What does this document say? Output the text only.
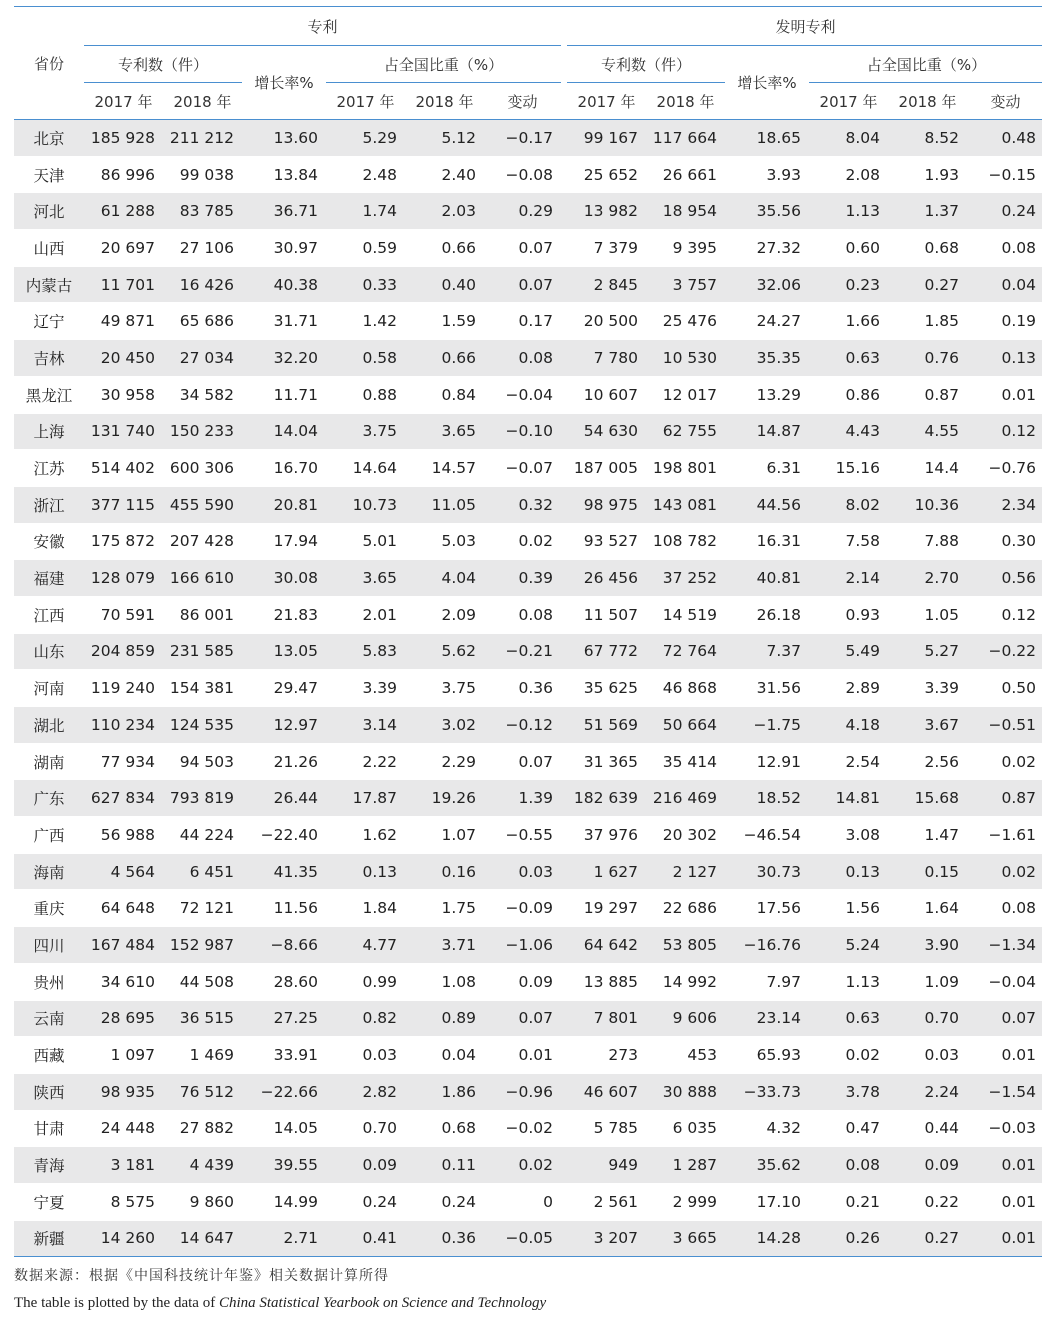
省份	专利							发明专利					
	专利数（件）		增长率%	占全国比重（%）				专利数（件）		增长率%	占全国比重（%）		
	2017 年	2018 年		2017 年	2018 年	变动		2017 年	2018 年		2017 年	2018 年	变动
北京	185 928	211 212	13.60	5.29	5.12	−0.17		99 167	117 664	18.65	8.04	8.52	0.48
天津	86 996	99 038	13.84	2.48	2.40	−0.08		25 652	26 661	3.93	2.08	1.93	−0.15
河北	61 288	83 785	36.71	1.74	2.03	0.29		13 982	18 954	35.56	1.13	1.37	0.24
山西	20 697	27 106	30.97	0.59	0.66	0.07		7 379	9 395	27.32	0.60	0.68	0.08
内蒙古	11 701	16 426	40.38	0.33	0.40	0.07		2 845	3 757	32.06	0.23	0.27	0.04
辽宁	49 871	65 686	31.71	1.42	1.59	0.17		20 500	25 476	24.27	1.66	1.85	0.19
吉林	20 450	27 034	32.20	0.58	0.66	0.08		7 780	10 530	35.35	0.63	0.76	0.13
黑龙江	30 958	34 582	11.71	0.88	0.84	−0.04		10 607	12 017	13.29	0.86	0.87	0.01
上海	131 740	150 233	14.04	3.75	3.65	−0.10		54 630	62 755	14.87	4.43	4.55	0.12
江苏	514 402	600 306	16.70	14.64	14.57	−0.07		187 005	198 801	6.31	15.16	14.4	−0.76
浙江	377 115	455 590	20.81	10.73	11.05	0.32		98 975	143 081	44.56	8.02	10.36	2.34
安徽	175 872	207 428	17.94	5.01	5.03	0.02		93 527	108 782	16.31	7.58	7.88	0.30
福建	128 079	166 610	30.08	3.65	4.04	0.39		26 456	37 252	40.81	2.14	2.70	0.56
江西	70 591	86 001	21.83	2.01	2.09	0.08		11 507	14 519	26.18	0.93	1.05	0.12
山东	204 859	231 585	13.05	5.83	5.62	−0.21		67 772	72 764	7.37	5.49	5.27	−0.22
河南	119 240	154 381	29.47	3.39	3.75	0.36		35 625	46 868	31.56	2.89	3.39	0.50
湖北	110 234	124 535	12.97	3.14	3.02	−0.12		51 569	50 664	−1.75	4.18	3.67	−0.51
湖南	77 934	94 503	21.26	2.22	2.29	0.07		31 365	35 414	12.91	2.54	2.56	0.02
广东	627 834	793 819	26.44	17.87	19.26	1.39		182 639	216 469	18.52	14.81	15.68	0.87
广西	56 988	44 224	−22.40	1.62	1.07	−0.55		37 976	20 302	−46.54	3.08	1.47	−1.61
海南	4 564	6 451	41.35	0.13	0.16	0.03		1 627	2 127	30.73	0.13	0.15	0.02
重庆	64 648	72 121	11.56	1.84	1.75	−0.09		19 297	22 686	17.56	1.56	1.64	0.08
四川	167 484	152 987	−8.66	4.77	3.71	−1.06		64 642	53 805	−16.76	5.24	3.90	−1.34
贵州	34 610	44 508	28.60	0.99	1.08	0.09		13 885	14 992	7.97	1.13	1.09	−0.04
云南	28 695	36 515	27.25	0.82	0.89	0.07		7 801	9 606	23.14	0.63	0.70	0.07
西藏	1 097	1 469	33.91	0.03	0.04	0.01		273	453	65.93	0.02	0.03	0.01
陕西	98 935	76 512	−22.66	2.82	1.86	−0.96		46 607	30 888	−33.73	3.78	2.24	−1.54
甘肃	24 448	27 882	14.05	0.70	0.68	−0.02		5 785	6 035	4.32	0.47	0.44	−0.03
青海	3 181	4 439	39.55	0.09	0.11	0.02		949	1 287	35.62	0.08	0.09	0.01
宁夏	8 575	9 860	14.99	0.24	0.24	0		2 561	2 999	17.10	0.21	0.22	0.01
新疆	14 260	14 647	2.71	0.41	0.36	−0.05		3 207	3 665	14.28	0.26	0.27	0.01
数据来源：根据《中国科技统计年鉴》相关数据计算所得
The table is plotted by the data of China Statistical Yearbook on Science and Technology
